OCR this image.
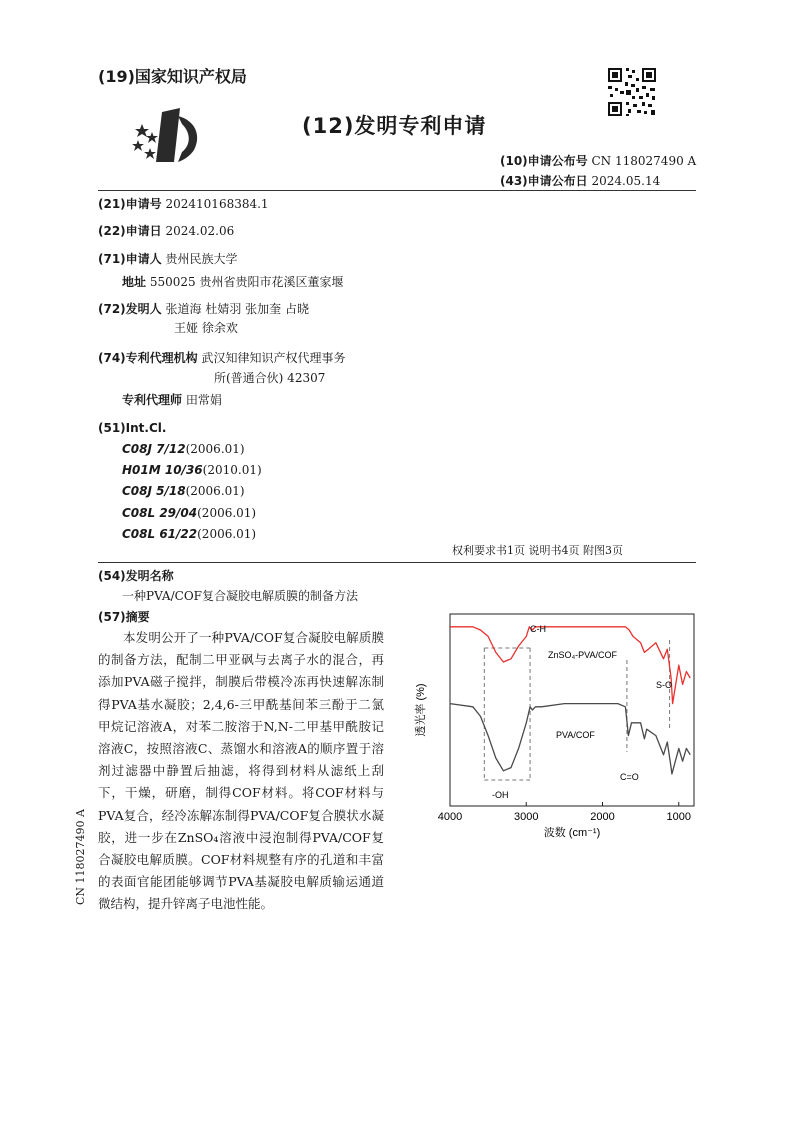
(19)国家知识产权局
(12)发明专利申请
(10)申请公布号 CN 118027490 A
(43)申请公布日 2024.05.14
(21)申请号 202410168384.1
(22)申请日 2024.02.06
(71)申请人 贵州民族大学
地址 550025 贵州省贵阳市花溪区董家堰
(72)发明人 张道海 杜婧羽 张加奎 占晓
王娅 徐余欢
(74)专利代理机构 武汉知律知识产权代理事务
所(普通合伙) 42307
专利代理师 田常娟
(51)Int.Cl.
C08J 7/12(2006.01)
H01M 10/36(2010.01)
C08J 5/18(2006.01)
C08L 29/04(2006.01)
C08L 61/22(2006.01)
权利要求书1页 说明书4页 附图3页
(54)发明名称
一种PVA/COF复合凝胶电解质膜的制备方法
(57)摘要
本发明公开了一种PVA/COF复合凝胶电解质膜的制备方法，配制二甲亚砜与去离子水的混合，再添加PVA磁子搅拌，制膜后带模冷冻再快速解冻制得PVA基水凝胶；2,4,6-三甲酰基间苯三酚于二氯甲烷记溶液A，对苯二胺溶于N,N-二甲基甲酰胺记溶液C，按照溶液C、蒸馏水和溶液A的顺序置于溶剂过滤器中静置后抽滤，将得到材料从滤纸上刮下，干燥，研磨，制得COF材料。将COF材料与PVA复合，经冷冻解冻制得PVA/COF复合膜状水凝胶，进一步在ZnSO₄溶液中浸泡制得PVA/COF复合凝胶电解质膜。COF材料规整有序的孔道和丰富的表面官能团能够调节PVA基凝胶电解质输运通道微结构，提升锌离子电池性能。
CN 118027490 A	4000	3000	2000	1000
透光率 (%)
波数 (cm⁻¹)
C-H
S-O
C=O
-OH
ZnSO₄-PVA/COF
PVA/COF
